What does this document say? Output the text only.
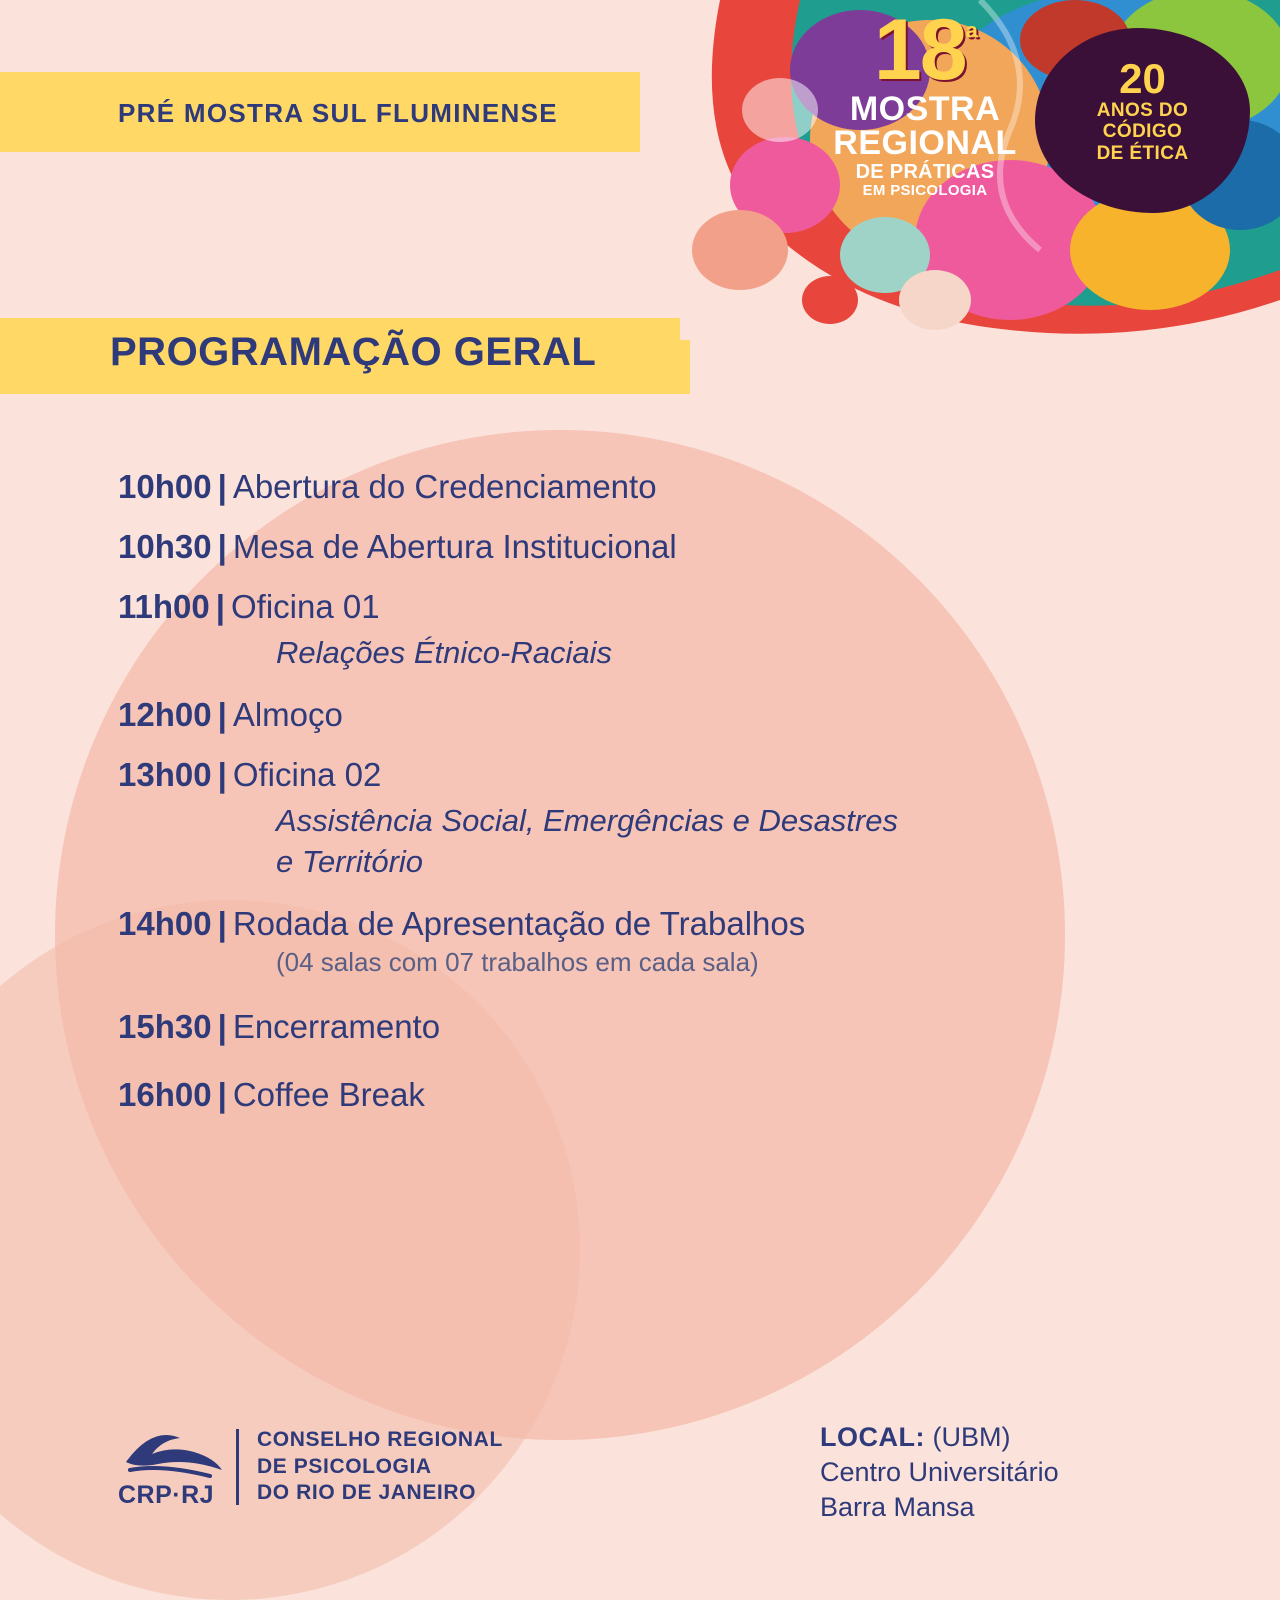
PRÉ MOSTRA SUL FLUMINENSE
PROGRAMAÇÃO GERAL
$18^ª$
MOSTRA
REGIONAL
DE PRÁTICAS
EM PSICOLOGIA
20
ANOS DO
CÓDIGO
DE ÉTICA
10h00 | Abertura do Credenciamento
10h30 | Mesa de Abertura Institucional
11h00 | Oficina 01
Relações Étnico-Raciais
12h00 | Almoço
13h00 | Oficina 02
Assistência Social, Emergências e Desastres e Território
14h00 | Rodada de Apresentação de Trabalhos
(04 salas com 07 trabalhos em cada sala)
15h30 | Encerramento
16h00 | Coffee Break
CRP·RJ
CONSELHO REGIONAL
DE PSICOLOGIA
DO RIO DE JANEIRO
LOCAL: (UBM)
Centro Universitário
Barra Mansa
